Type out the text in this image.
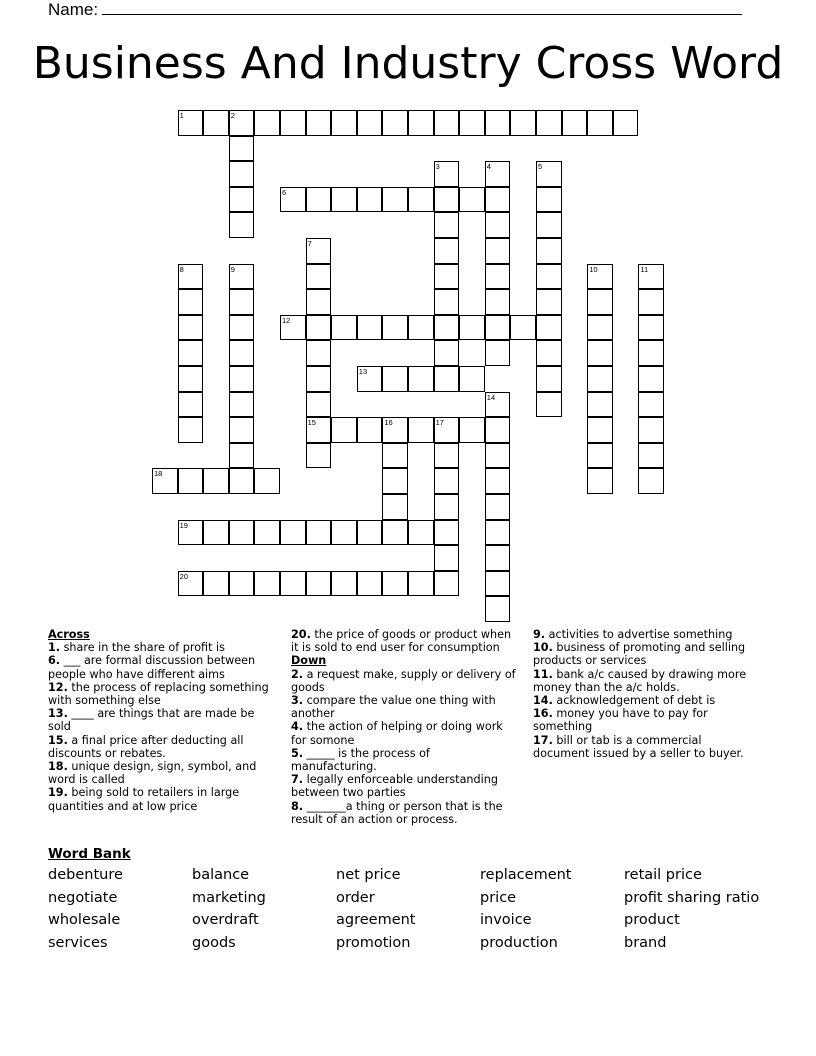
Name:
Business And Industry Cross Word
1	2
3	4	5
6
7
15
8	9	10	11
12
13
14
16	17
18
19
20
Across
1. share in the share of profit is
6. ___ are formal discussion between people who have different aims
12. the process of replacing something with something else
13. ____ are things that are made be sold
15. a final price after deducting all discounts or rebates.
18. unique design, sign, symbol, and word is called
19. being sold to retailers in large quantities and at low price
20. the price of goods or product when it is sold to end user for consumption
Down
2. a request make, supply or delivery of goods
3. compare the value one thing with another
4. the action of helping or doing work for somone
5. _____ is the process of manufacturing.
7. legally enforceable understanding between two parties
8. _______a thing or person that is the result of an action or process.
9. activities to advertise something
10. business of promoting and selling products or services
11. bank a/c caused by drawing more money than the a/c holds.
14. acknowledgement of debt is
16. money you have to pay for something
17. bill or tab is a commercial document issued by a seller to buyer.
Word Bank
debenture	balance	net price	replacement	retail price
negotiate	marketing	order	price	profit sharing ratio
wholesale	overdraft	agreement	invoice	product
services	goods	promotion	production	brand
